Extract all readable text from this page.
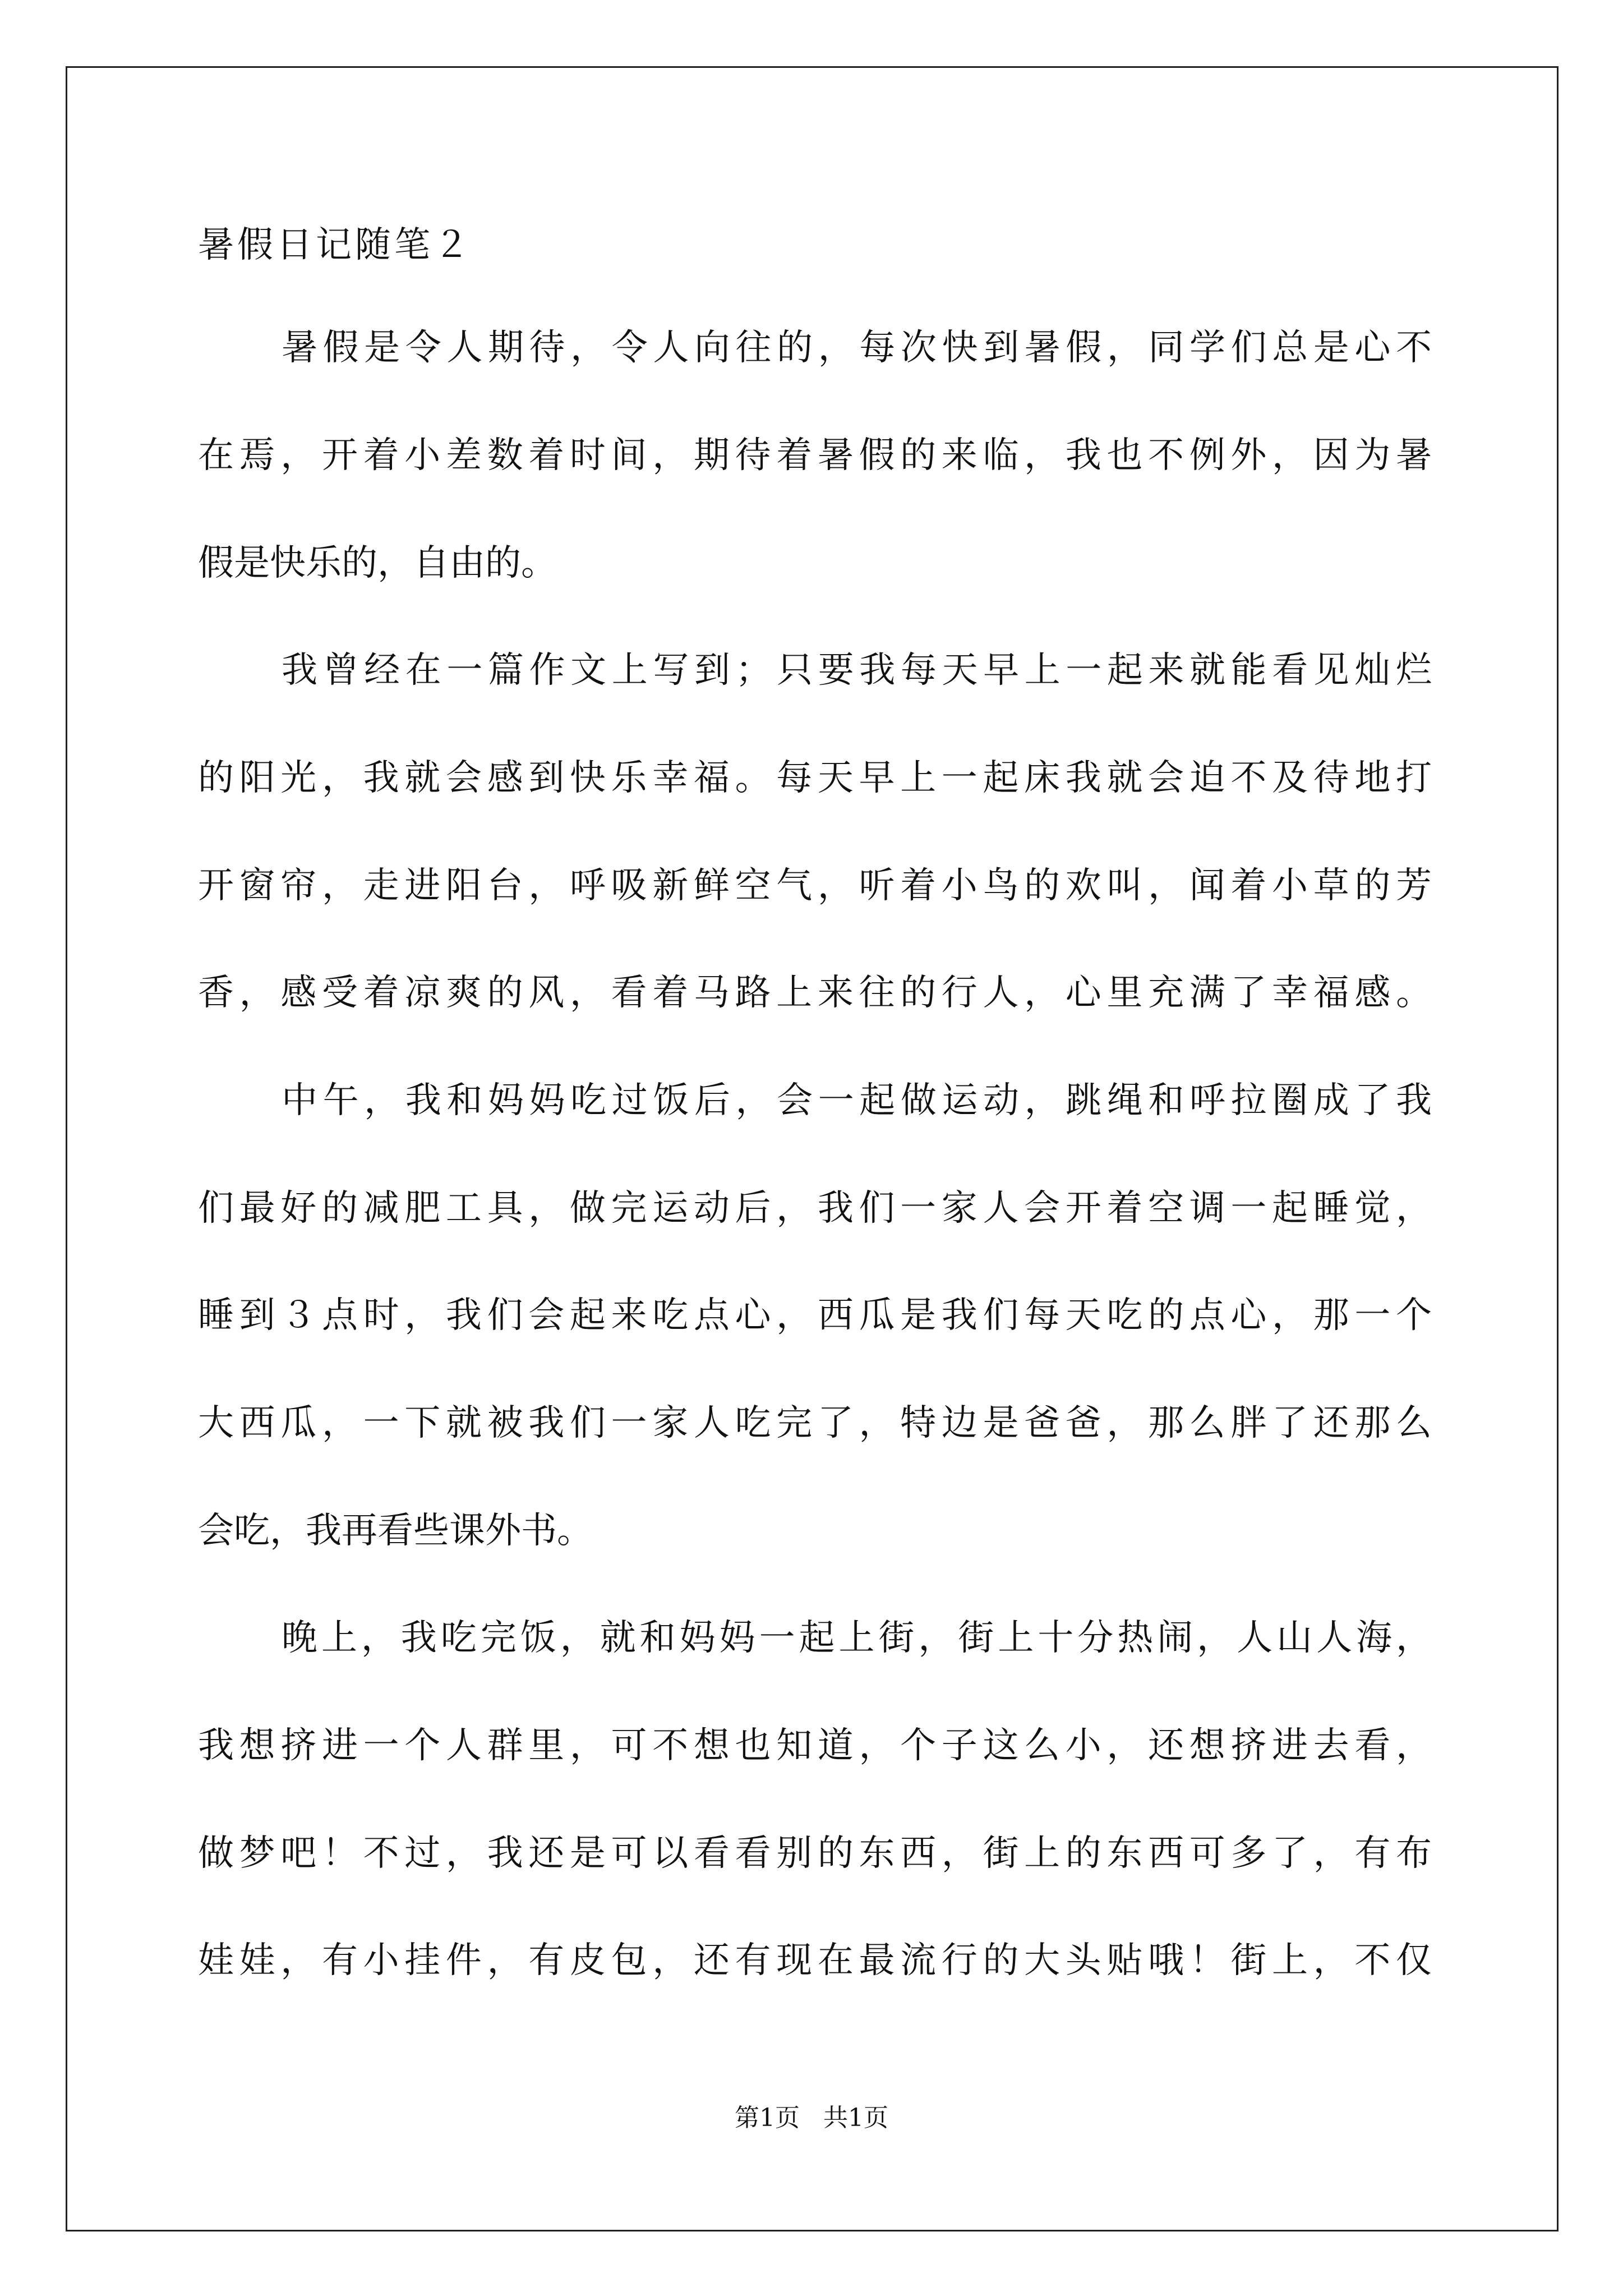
暑假日记随笔２
暑假是令人期待，令人向往的，每次快到暑假，同学们总是心不
在焉，开着小差数着时间，期待着暑假的来临，我也不例外，因为暑
假是快乐的，自由的。
我曾经在一篇作文上写到；只要我每天早上一起来就能看见灿烂
的阳光，我就会感到快乐幸福。每天早上一起床我就会迫不及待地打
开窗帘，走进阳台，呼吸新鲜空气，听着小鸟的欢叫，闻着小草的芳
香，感受着凉爽的风，看着马路上来往的行人，心里充满了幸福感。
中午，我和妈妈吃过饭后，会一起做运动，跳绳和呼拉圈成了我
们最好的减肥工具，做完运动后，我们一家人会开着空调一起睡觉，
睡到３点时，我们会起来吃点心，西瓜是我们每天吃的点心，那一个
大西瓜，一下就被我们一家人吃完了，特边是爸爸，那么胖了还那么
会吃，我再看些课外书。
晚上，我吃完饭，就和妈妈一起上街，街上十分热闹，人山人海，
我想挤进一个人群里，可不想也知道，个子这么小，还想挤进去看，
做梦吧！不过，我还是可以看看别的东西，街上的东西可多了，有布
娃娃，有小挂件，有皮包，还有现在最流行的大头贴哦！街上，不仅
第1页   共1页
